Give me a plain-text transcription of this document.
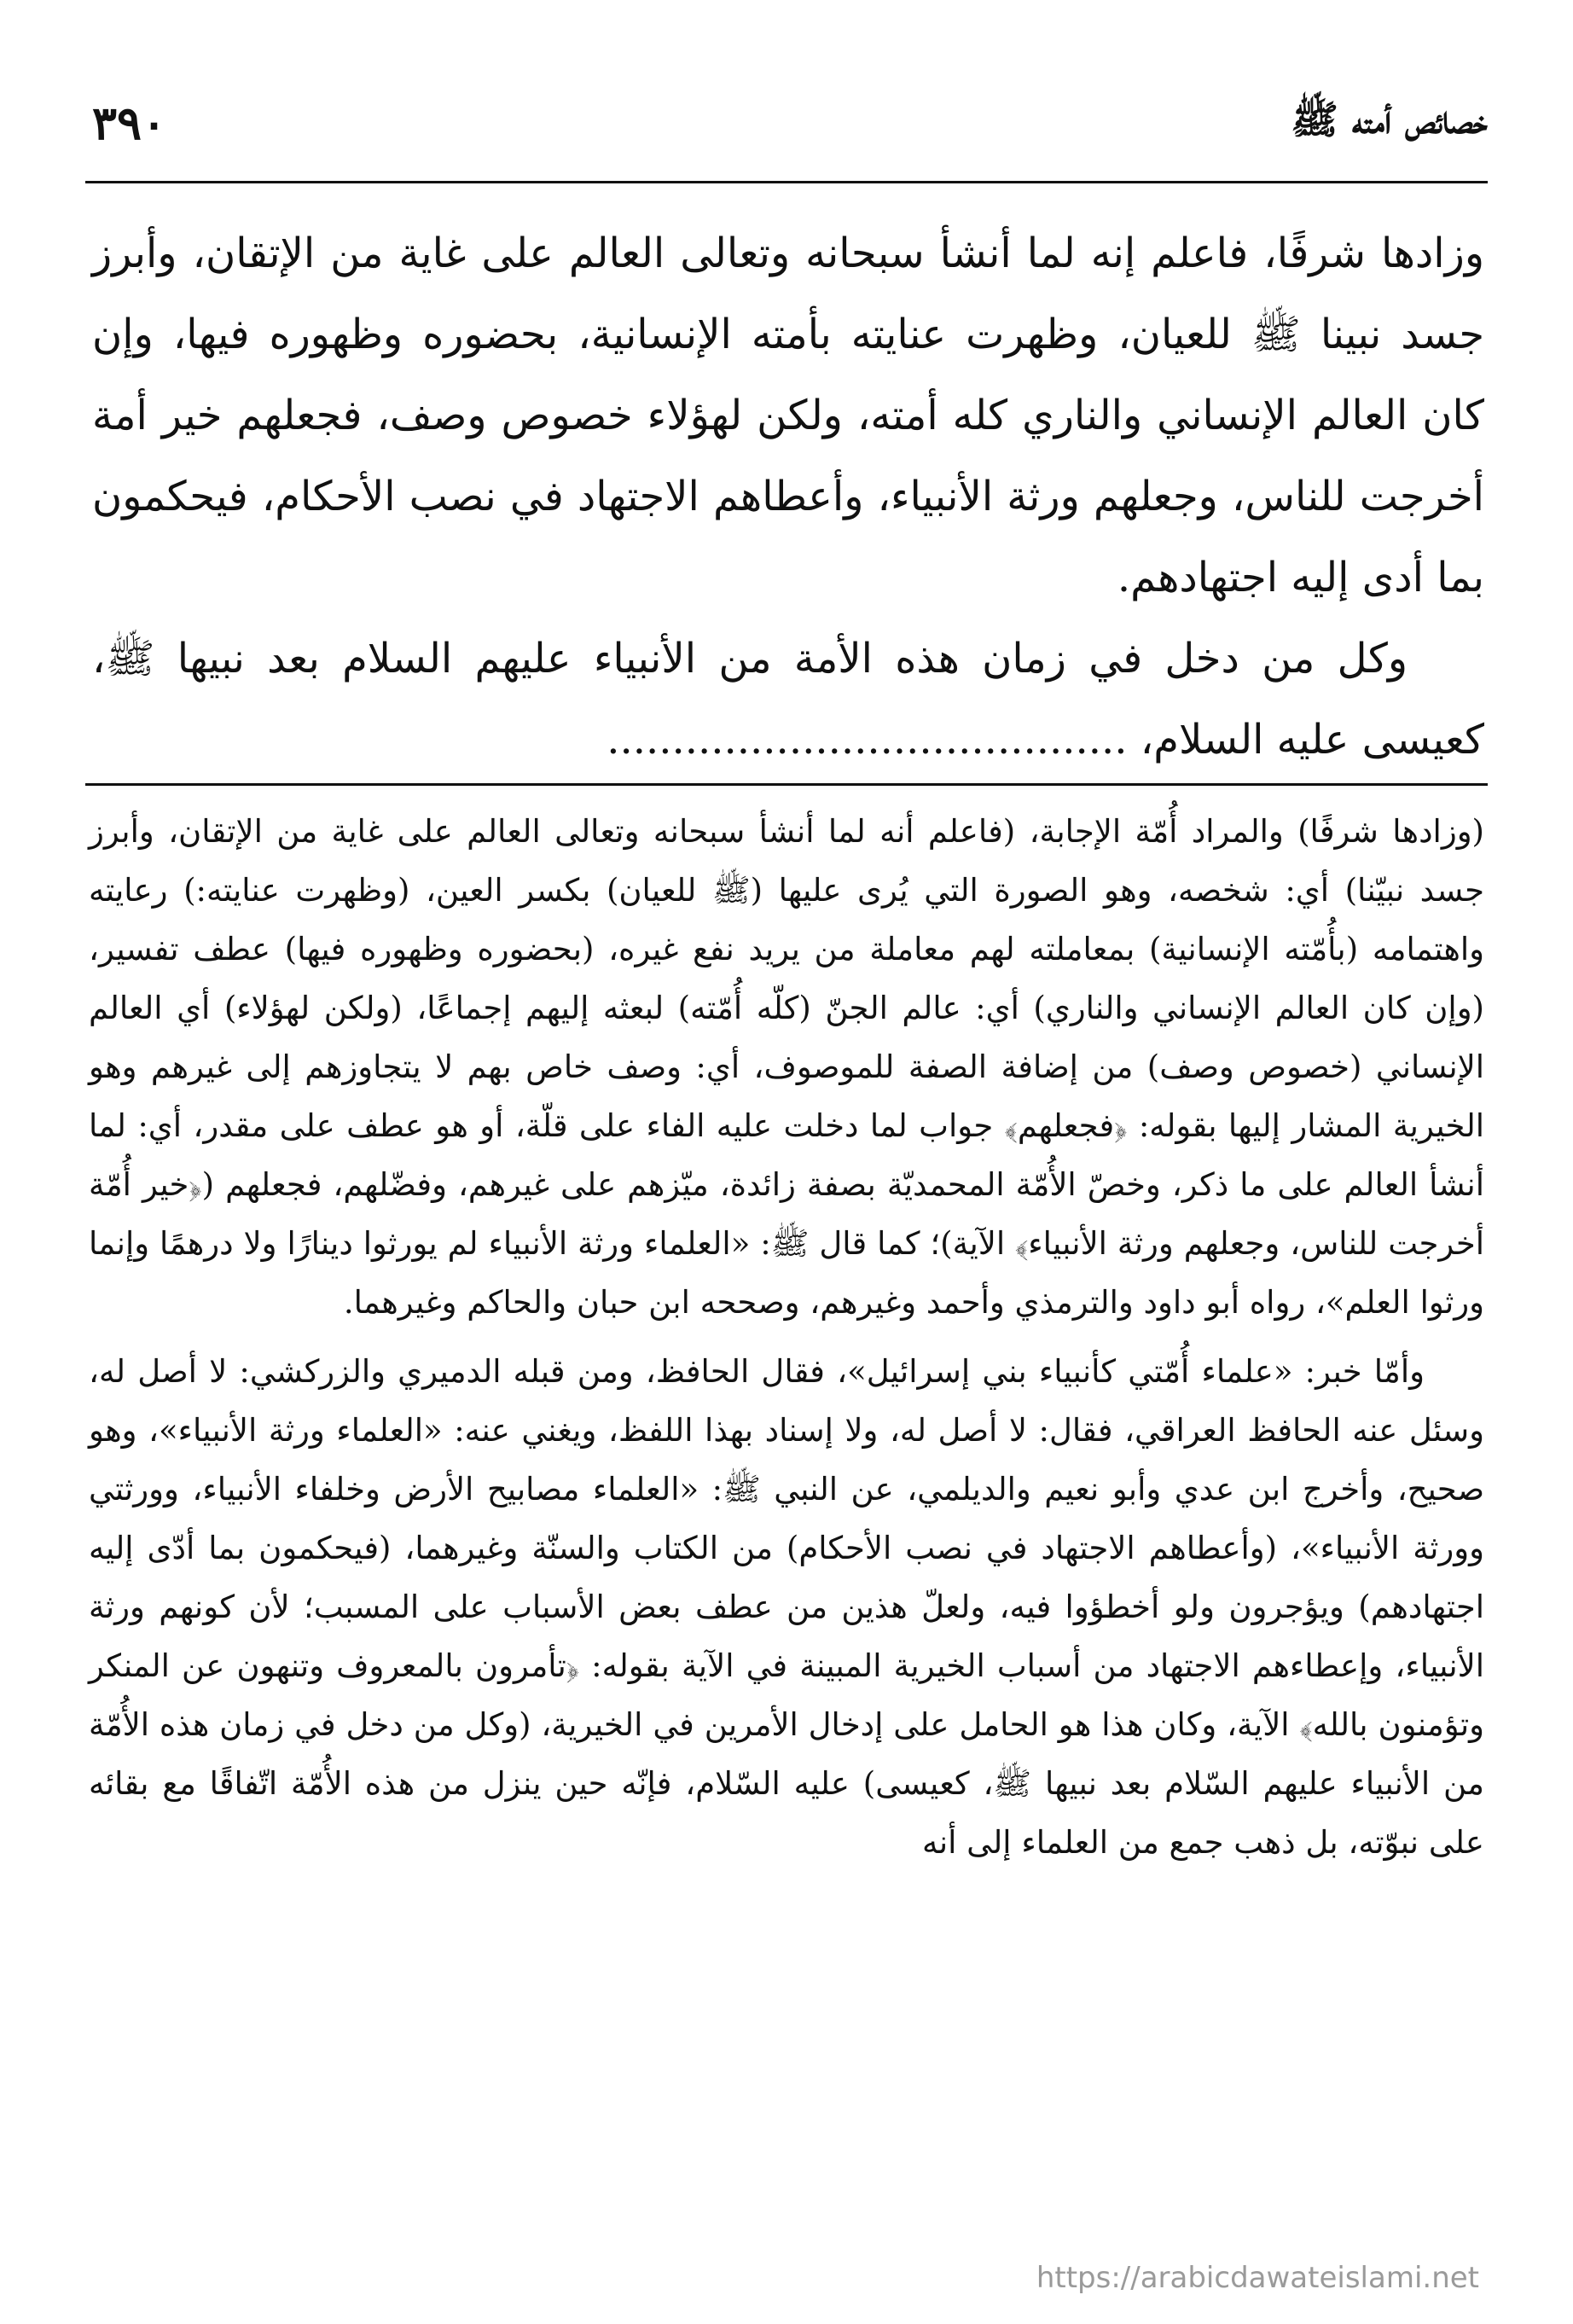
٣٩٠	خصائص أمته ﷺ

وزادها شرفًا، فاعلم إنه لما أنشأ سبحانه وتعالى العالم على غاية من الإتقان، وأبرز جسد نبينا ﷺ للعيان، وظهرت عنايته بأمته الإنسانية، بحضوره وظهوره فيها، وإن كان العالم الإنساني والناري كله أمته، ولكن لهؤلاء خصوص وصف، فجعلهم خير أمة أخرجت للناس، وجعلهم ورثة الأنبياء، وأعطاهم الاجتهاد في نصب الأحكام، فيحكمون بما أدى إليه اجتهادهم.

وكل من دخل في زمان هذه الأمة من الأنبياء عليهم السلام بعد نبيها ﷺ، كعيسى عليه السلام، ........................................

(وزادها شرفًا) والمراد أُمّة الإجابة، (فاعلم أنه لما أنشأ سبحانه وتعالى العالم على غاية من الإتقان، وأبرز جسد نبيّنا) أي: شخصه، وهو الصورة التي يُرى عليها (ﷺ للعيان) بكسر العين، (وظهرت عنايته:) رعايته واهتمامه (بأُمّته الإنسانية) بمعاملته لهم معاملة من يريد نفع غيره، (بحضوره وظهوره فيها) عطف تفسير، (وإن كان العالم الإنساني والناري) أي: عالم الجنّ (كلّه أُمّته) لبعثه إليهم إجماعًا، (ولكن لهؤلاء) أي العالم الإنساني (خصوص وصف) من إضافة الصفة للموصوف، أي: وصف خاص بهم لا يتجاوزهم إلى غيرهم وهو الخيرية المشار إليها بقوله: ﴿فجعلهم﴾ جواب لما دخلت عليه الفاء على قلّة، أو هو عطف على مقدر، أي: لما أنشأ العالم على ما ذكر، وخصّ الأُمّة المحمديّة بصفة زائدة، ميّزهم على غيرهم، وفضّلهم، فجعلهم (﴿خير أُمّة أخرجت للناس، وجعلهم ورثة الأنبياء﴾ الآية)؛ كما قال ﷺ: «العلماء ورثة الأنبياء لم يورثوا دينارًا ولا درهمًا وإنما ورثوا العلم»، رواه أبو داود والترمذي وأحمد وغيرهم، وصححه ابن حبان والحاكم وغيرهما.

وأمّا خبر: «علماء أُمّتي كأنبياء بني إسرائيل»، فقال الحافظ، ومن قبله الدميري والزركشي: لا أصل له، وسئل عنه الحافظ العراقي، فقال: لا أصل له، ولا إسناد بهذا اللفظ، ويغني عنه: «العلماء ورثة الأنبياء»، وهو صحيح، وأخرج ابن عدي وأبو نعيم والديلمي، عن النبي ﷺ: «العلماء مصابيح الأرض وخلفاء الأنبياء، وورثتي وورثة الأنبياء»، (وأعطاهم الاجتهاد في نصب الأحكام) من الكتاب والسنّة وغيرهما، (فيحكمون بما أدّى إليه اجتهادهم) ويؤجرون ولو أخطؤوا فيه، ولعلّ هذين من عطف بعض الأسباب على المسبب؛ لأن كونهم ورثة الأنبياء، وإعطاءهم الاجتهاد من أسباب الخيرية المبينة في الآية بقوله: ﴿تأمرون بالمعروف وتنهون عن المنكر وتؤمنون بالله﴾ الآية، وكان هذا هو الحامل على إدخال الأمرين في الخيرية، (وكل من دخل في زمان هذه الأُمّة من الأنبياء عليهم السّلام بعد نبيها ﷺ، كعيسى) عليه السّلام، فإنّه حين ينزل من هذه الأُمّة اتّفاقًا مع بقائه على نبوّته، بل ذهب جمع من العلماء إلى أنه

https://arabicdawateislami.net
